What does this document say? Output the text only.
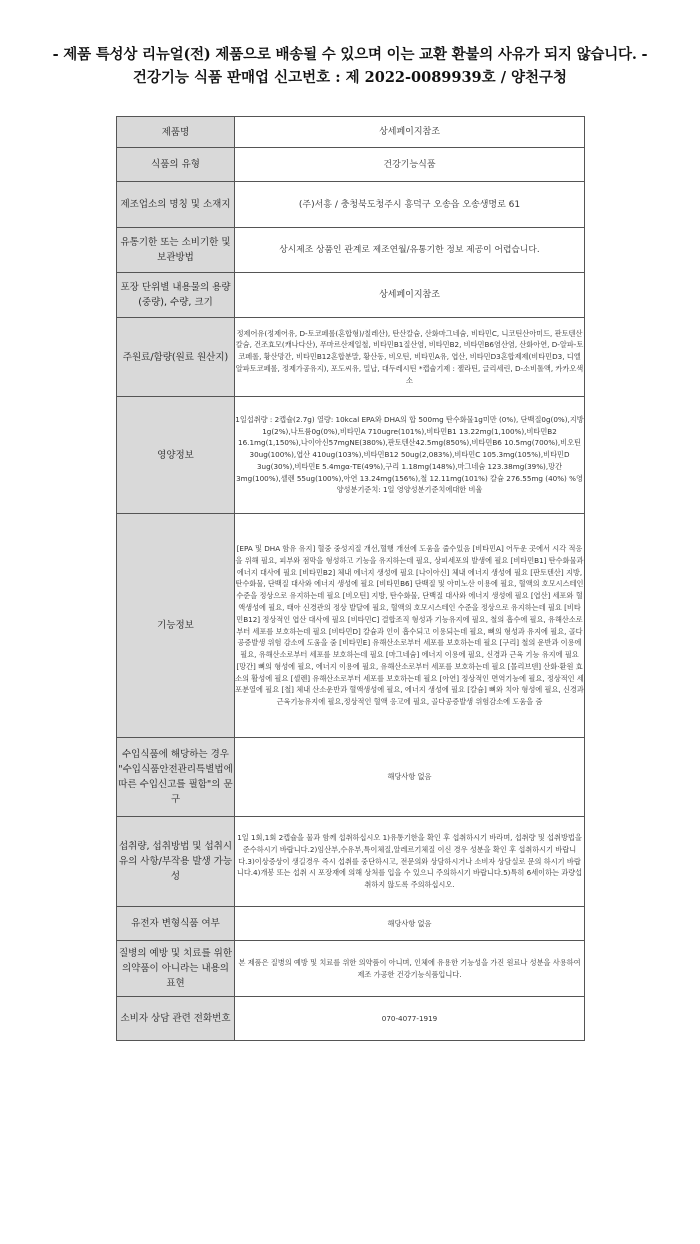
- 제품 특성상 리뉴얼(전) 제품으로 배송될 수 있으며 이는 교환 환불의 사유가 되지 않습니다. -
건강기능 식품 판매업 신고번호 : 제 2022-0089939호 / 양천구청
제품명	상세페이지참조
식품의 유형	건강기능식품
제조업소의 명칭 및 소재지	(주)서흥 / 충청북도청주시 흥덕구 오송읍 오송생명로 61
유통기한 또는 소비기한 및 보관방법	상시제조 상품인 관계로 제조연월/유통기한 정보 제공이 어렵습니다.
포장 단위별 내용물의 용량 (중량), 수량, 크기	상세페이지참조
주원료/함량(원료 원산지)	정제어유(정제어유, D-토코페롤(혼합형)/칠레산), 탄산칼슘, 산화마그네슘, 비타민C, 니코틴산아미드, 판토텐산칼슘, 건조효모(캐나다산), 푸마르산제일철, 비타민B1질산염, 비타민B2, 비타민B6염산염, 산화아연, D-알파-토코페롤, 황산망간, 비타민B12혼합분말, 황산동, 비오틴, 비타민A유, 엽산, 비타민D3혼합제제(비타민D3, 디엘알파토코페롤, 정제가공유지), 포도씨유, 밀납, 대두레시틴 *캡슐기제 : 젤라틴, 글리세린, D-소비톨액, 카카오색소
영양정보	1일섭취량 : 2캡슐(2.7g) 열량: 10kcal EPA와 DHA의 합 500mg 탄수화물1g미만 (0%), 단백질0g(0%),지방1g(2%),나트륨0g(0%),비타민A 710ugre(101%),비타민B1 13.22mg(1,100%),비타민B2 16.1mg(1,150%),나이아신57mgNE(380%),판토텐산42.5mg(850%),비타민B6 10.5mg(700%),비오틴 30ug(100%),엽산 410ug(103%),비타민B12 50ug(2,083%),비타민C 105.3mg(105%),비타민D 3ug(30%),비타민E 5.4mgα-TE(49%),구리 1.18mg(148%),마그네슘 123.38mg(39%),망간 3mg(100%),셀렌 55ug(100%),아연 13.24mg(156%),철 12.11mg(101%) 칼슘 276.55mg (40%) %영양성분기준치: 1일 영양성분기준치에대한 비율
기능정보	[EPA 및 DHA 함유 유지] 혈중 중성지질 개선,혈행 개선에 도움을 줄수있음 [비타민A] 어두운 곳에서 시각 적응을 위해 필요, 피부와 점막을 형성하고 기능을 유지하는데 필요, 상피세포의 발생에 필요 [비타민B1] 탄수화물과 에너지 대사에 필요 [비타민B2] 체내 에너지 생성에 필요 [나이아신] 체내 에너지 생성에 필요 [판토텐산] 지방, 탄수화물, 단백질 대사와 에너지 생성에 필요 [비타민B6] 단백질 및 아미노산 이용에 필요, 혈액의 호모시스테인 수준을 정상으로 유지하는데 필요 [비오틴] 지방, 탄수화물, 단백질 대사와 에너지 생성에 필요 [엽산] 세포와 혈액생성에 필요, 태아 신경관의 정상 발달에 필요, 혈액의 호모시스테인 수준을 정상으로 유지하는데 필요 [비타민B12] 정상적인 엽산 대사에 필요 [비타민C] 결합조직 형성과 기능유지에 필요, 철의 흡수에 필요, 유해산소로부터 세포를 보호하는데 필요 [비타민D] 칼슘과 인이 흡수되고 이용되는데 필요, 뼈의 형성과 유지에 필요, 골다공증발생 위험 감소에 도움을 줌 [비타민E] 유해산소로부터 세포를 보호하는데 필요 [구리] 철의 운반과 이용에 필요, 유해산소로부터 세포를 보호하는데 필요 [마그네슘] 에너지 이용에 필요, 신경과 근육 기능 유지에 필요 [망간] 뼈의 형성에 필요, 에너지 이용에 필요, 유해산소로부터 세포를 보호하는데 필요 [몰리브덴] 산화·환원 효소의 활성에 필요 [셀렌] 유해산소로부터 세포를 보호하는데 필요 [아연] 정상적인 면역기능에 필요, 정상적인 세포분열에 필요 [철] 체내 산소운반과 혈액생성에 필요, 에너지 생성에 필요 [칼슘] 뼈와 치아 형성에 필요, 신경과 근육기능유지에 필요,정상적인 혈액 응고에 필요, 골다공증발생 위험감소에 도움을 줌
수입식품에 해당하는 경우 "수입식품안전관리특별법에 따른 수입신고를 필함"의 문구	해당사항 없음
섭취량, 섭취방법 및 섭취시 유의 사항/부작용 발생 가능성	1일 1회,1회 2캡슐을 물과 함께 섭취하십시오 1)유통기한을 확인 후 섭취하시기 바라며, 섭취량 및 섭취방법을 준수하시기 바랍니다.2)임산부,수유부,특이체질,알레르기체질 이신 경우 성분을 확인 후 섭취하시기 바랍니다.3)이상증상이 생길경우 즉시 섭취를 중단하시고, 전문의와 상담하시거나 소비자 상담실로 문의 하시기 바랍니다.4)개봉 또는 섭취 시 포장재에 의해 상처를 입을 수 있으니 주의하시기 바랍니다.5)특히 6세이하는 과량섭취하지 않도록 주의하십시오.
유전자 변형식품 여부	해당사항 없음
질병의 예방 및 치료를 위한 의약품이 아니라는 내용의 표현	본 제품은 질병의 예방 및 치료를 위한 의약품이 아니며, 인체에 유용한 기능성을 가진 원료나 성분을 사용하여 제조 가공한 건강기능식품입니다.
소비자 상담 관련 전화번호	070-4077-1919
